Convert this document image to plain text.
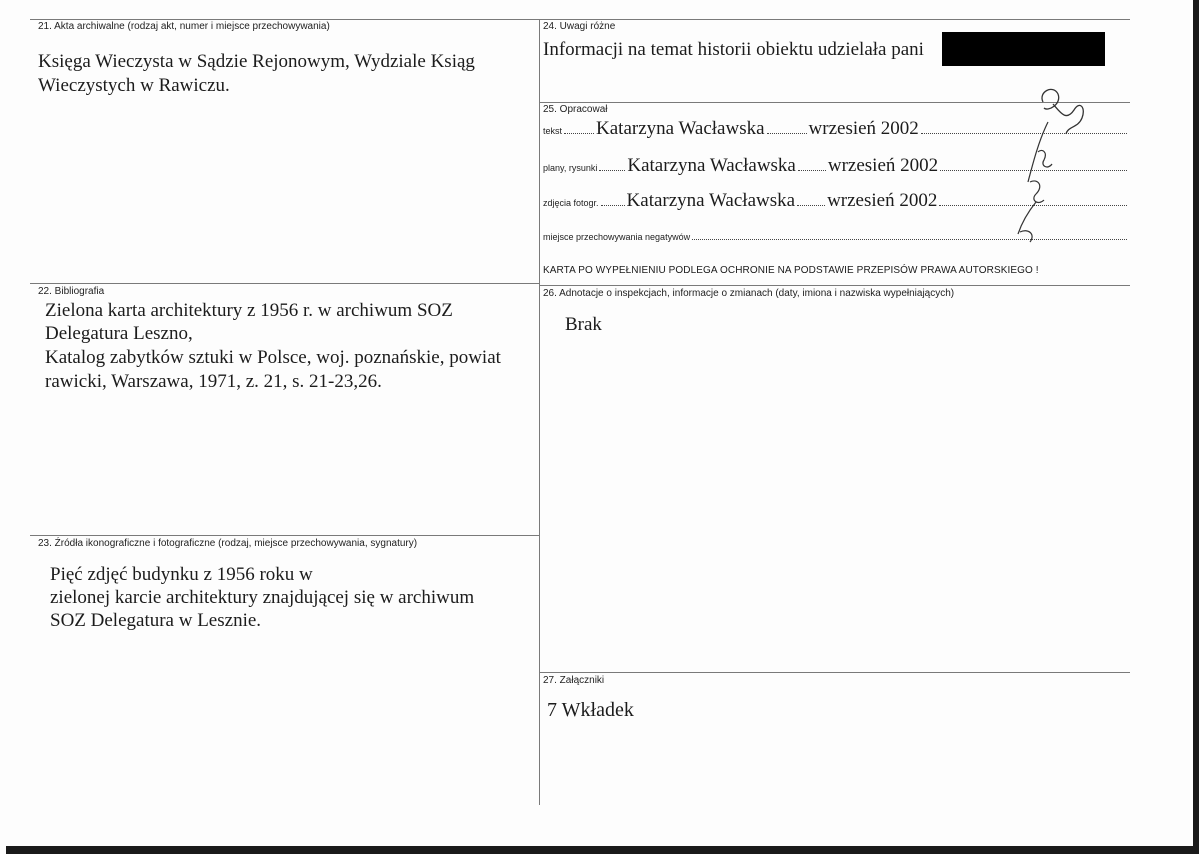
21. Akta archiwalne (rodzaj akt, numer i miejsce przechowywania)
Księga Wieczysta w Sądzie Rejonowym, Wydziale Ksiąg
Wieczystych w Rawiczu.
22. Bibliografia
Zielona karta architektury z 1956 r. w archiwum SOZ
Delegatura Leszno,
Katalog zabytków sztuki w Polsce, woj. poznańskie, powiat
rawicki, Warszawa, 1971, z. 21, s. 21-23,26.
23. Źródła ikonograficzne i fotograficzne (rodzaj, miejsce przechowywania, sygnatury)
Pięć zdjęć budynku z 1956 roku w
zielonej karcie architektury znajdującej się w archiwum
SOZ Delegatura w Lesznie.
24. Uwagi różne
Informacji na temat historii obiektu udzielała pani
25. Opracował
tekst Katarzyna Wacławska wrzesień 2002
plany, rysunki Katarzyna Wacławska wrzesień 2002
zdjęcia fotogr. Katarzyna Wacławska wrzesień 2002
miejsce przechowywania negatywów
KARTA PO WYPEŁNIENIU PODLEGA OCHRONIE NA PODSTAWIE PRZEPISÓW PRAWA AUTORSKIEGO !
26. Adnotacje o inspekcjach, informacje o zmianach (daty, imiona i nazwiska wypełniających)
Brak
27. Załączniki
7 Wkładek
